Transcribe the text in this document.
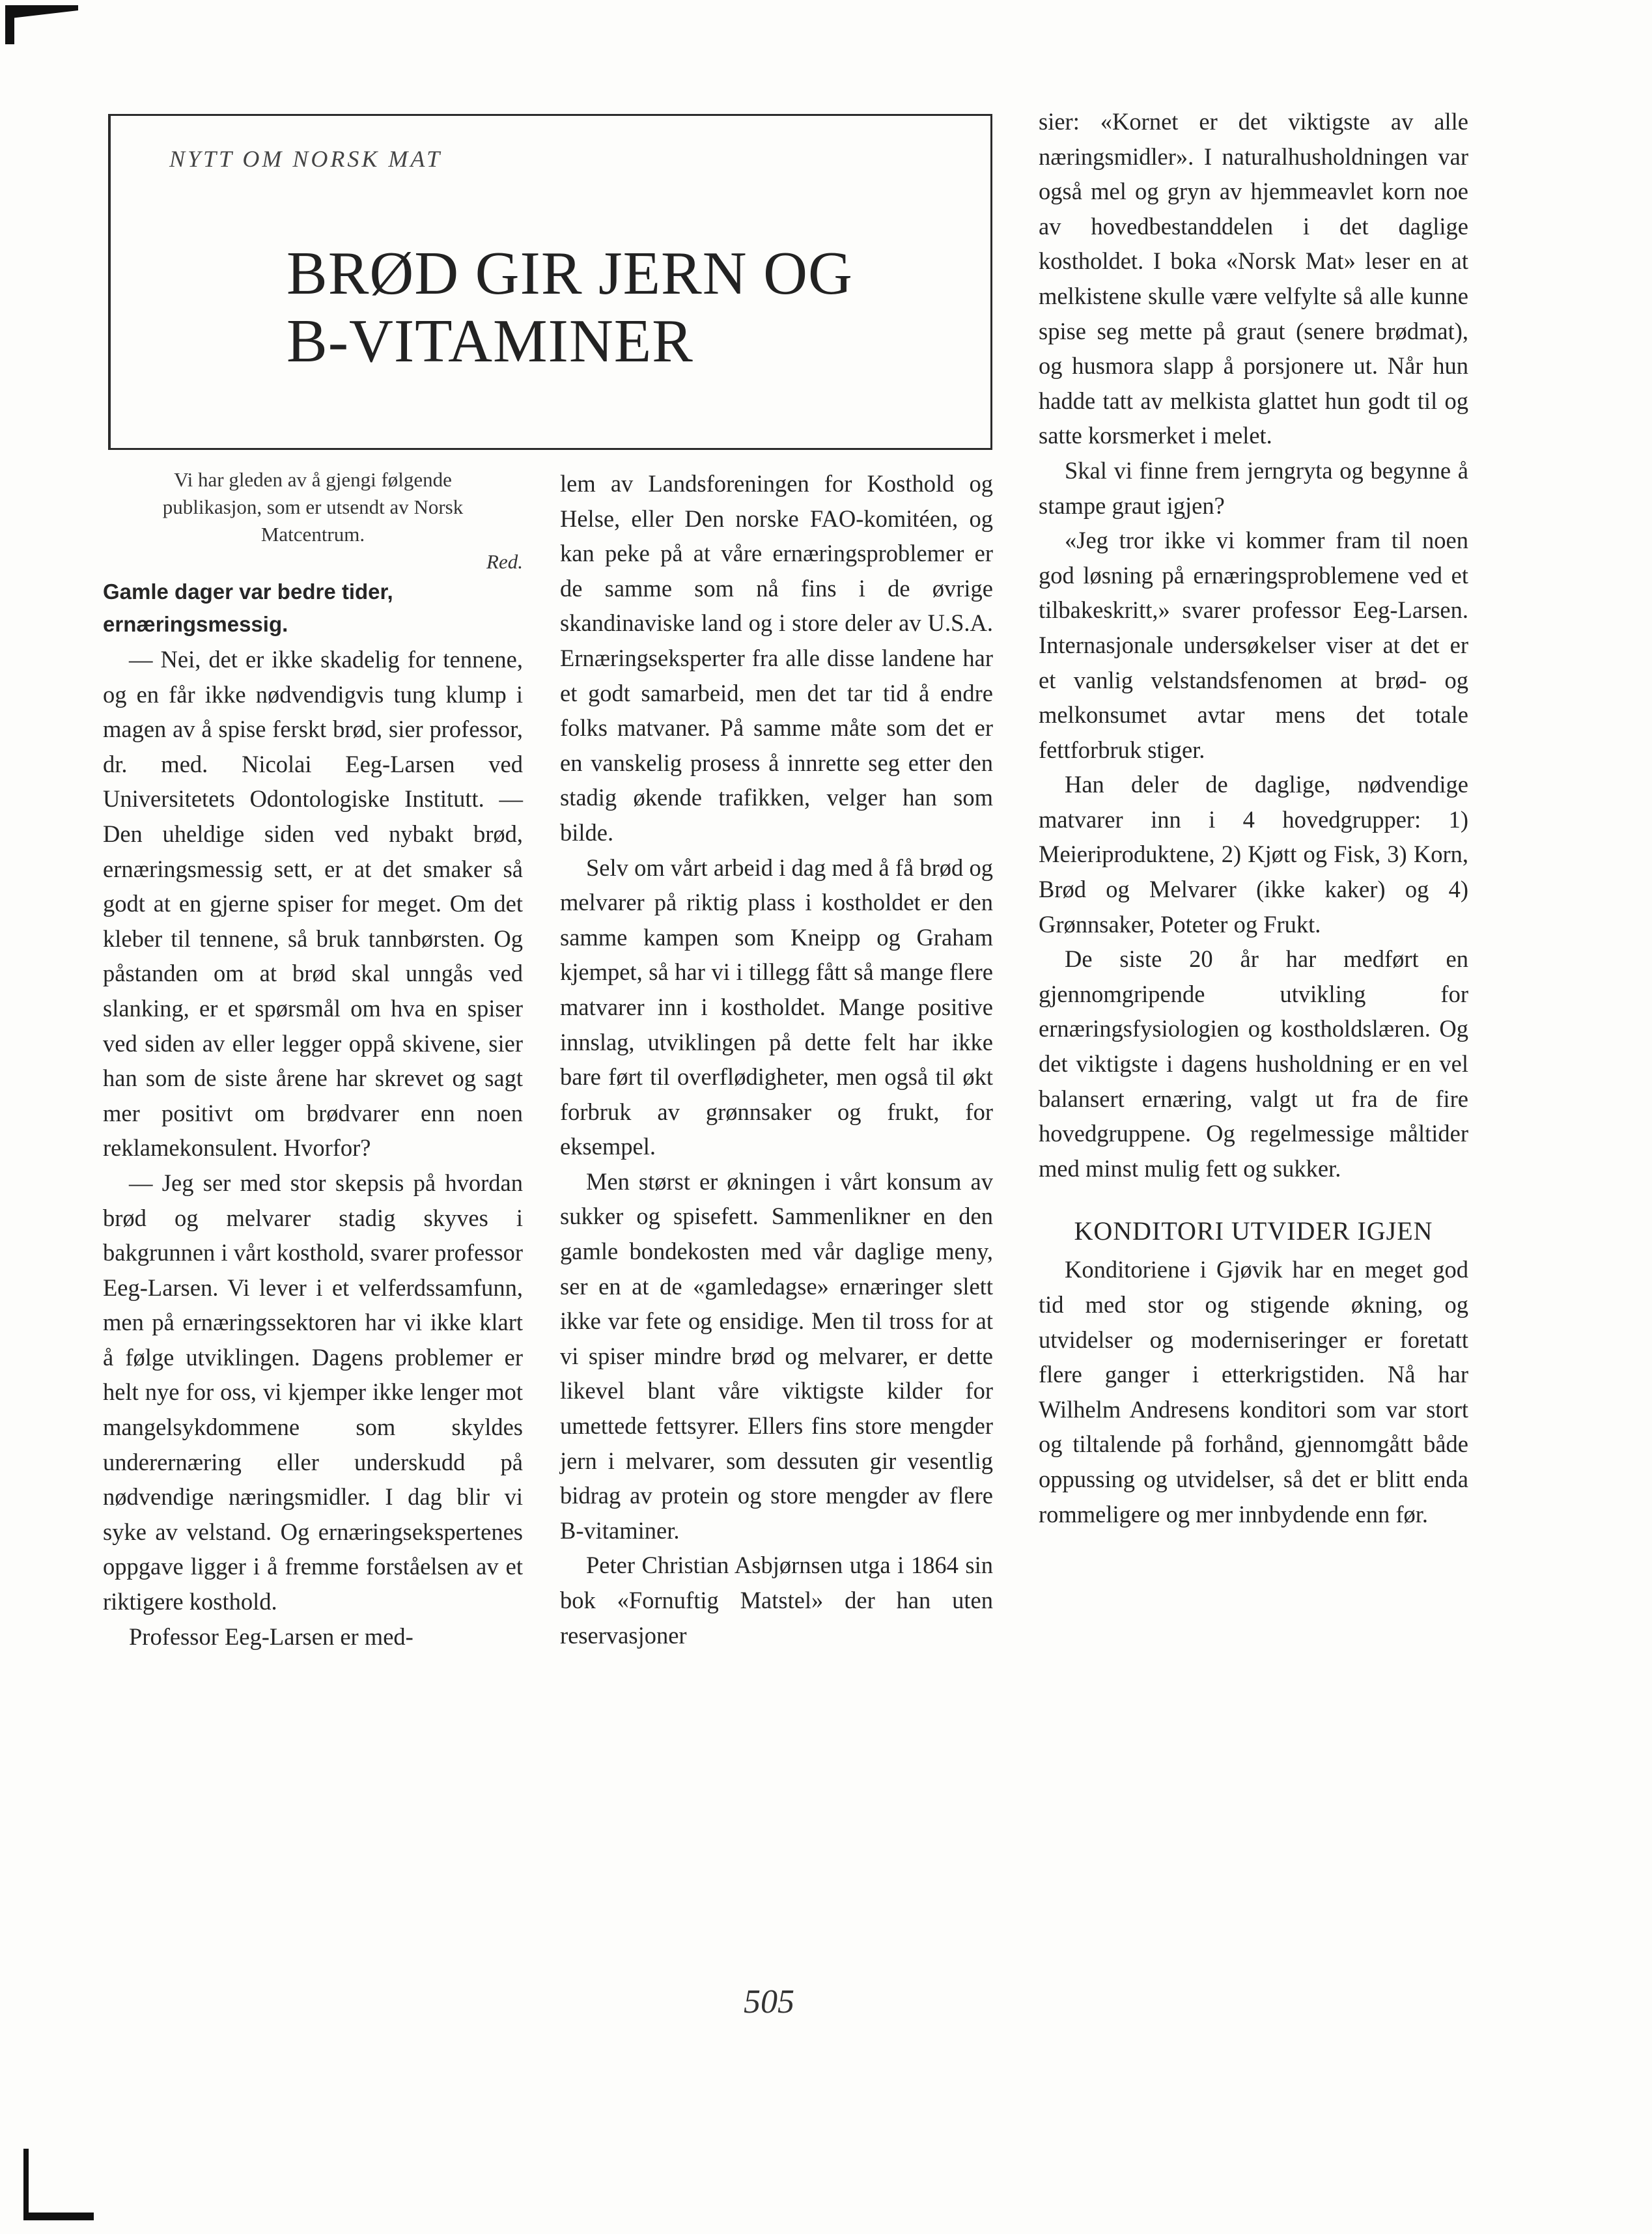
NYTT OM NORSK MAT
BRØD GIR JERN OG
B-VITAMINER

Vi har gleden av å gjengi følgende publikasjon, som er utsendt av Norsk Matcentrum.

Red.

Gamle dager var bedre tider, ernæringsmessig.

— Nei, det er ikke skadelig for tennene, og en får ikke nødvendigvis tung klump i magen av å spise ferskt brød, sier professor, dr. med. Nicolai Eeg-Larsen ved Universitetets Odontologiske Institutt. — Den uheldige siden ved nybakt brød, ernæringsmessig sett, er at det smaker så godt at en gjerne spiser for meget. Om det kleber til tennene, så bruk tannbørsten. Og påstanden om at brød skal unngås ved slanking, er et spørsmål om hva en spiser ved siden av eller legger oppå skivene, sier han som de siste årene har skrevet og sagt mer positivt om brødvarer enn noen reklamekonsulent. Hvorfor?

— Jeg ser med stor skepsis på hvordan brød og melvarer stadig skyves i bakgrunnen i vårt kosthold, svarer professor Eeg-Larsen. Vi lever i et velferdssamfunn, men på ernæringssektoren har vi ikke klart å følge utviklingen. Dagens problemer er helt nye for oss, vi kjemper ikke lenger mot mangelsykdommene som skyldes underernæring eller underskudd på nødvendige næringsmidler. I dag blir vi syke av velstand. Og ernæringsekspertenes oppgave ligger i å fremme forståelsen av et riktigere kosthold.

Professor Eeg-Larsen er med-

lem av Landsforeningen for Kosthold og Helse, eller Den norske FAO-komitéen, og kan peke på at våre ernæringsproblemer er de samme som nå fins i de øvrige skandinaviske land og i store deler av U.S.A. Ernæringseksperter fra alle disse landene har et godt samarbeid, men det tar tid å endre folks matvaner. På samme måte som det er en vanskelig prosess å innrette seg etter den stadig økende trafikken, velger han som bilde.

Selv om vårt arbeid i dag med å få brød og melvarer på riktig plass i kostholdet er den samme kampen som Kneipp og Graham kjempet, så har vi i tillegg fått så mange flere matvarer inn i kostholdet. Mange positive innslag, utviklingen på dette felt har ikke bare ført til overflødigheter, men også til økt forbruk av grønnsaker og frukt, for eksempel.

Men størst er økningen i vårt konsum av sukker og spisefett. Sammenlikner en den gamle bondekosten med vår daglige meny, ser en at de «gamledagse» ernæringer slett ikke var fete og ensidige. Men til tross for at vi spiser mindre brød og melvarer, er dette likevel blant våre viktigste kilder for umettede fettsyrer. Ellers fins store mengder jern i melvarer, som dessuten gir vesentlig bidrag av protein og store mengder av flere B-vitaminer.

Peter Christian Asbjørnsen utga i 1864 sin bok «Fornuftig Matstel» der han uten reservasjoner

sier: «Kornet er det viktigste av alle næringsmidler». I naturalhusholdningen var også mel og gryn av hjemmeavlet korn noe av hovedbestanddelen i det daglige kostholdet. I boka «Norsk Mat» leser en at melkistene skulle være velfylte så alle kunne spise seg mette på graut (senere brødmat), og husmora slapp å porsjonere ut. Når hun hadde tatt av melkista glattet hun godt til og satte korsmerket i melet.

Skal vi finne frem jerngryta og begynne å stampe graut igjen?

«Jeg tror ikke vi kommer fram til noen god løsning på ernæringsproblemene ved et tilbakeskritt,» svarer professor Eeg-Larsen. Internasjonale undersøkelser viser at det er et vanlig velstandsfenomen at brød- og melkonsumet avtar mens det totale fettforbruk stiger.

Han deler de daglige, nødvendige matvarer inn i 4 hovedgrupper: 1) Meieriproduktene, 2) Kjøtt og Fisk, 3) Korn, Brød og Melvarer (ikke kaker) og 4) Grønnsaker, Poteter og Frukt.

De siste 20 år har medført en gjennomgripende utvikling for ernæringsfysiologien og kostholdslæren. Og det viktigste i dagens husholdning er en vel balansert ernæring, valgt ut fra de fire hovedgruppene. Og regelmessige måltider med minst mulig fett og sukker.

KONDITORI UTVIDER IGJEN

Konditoriene i Gjøvik har en meget god tid med stor og stigende økning, og utvidelser og moderniseringer er foretatt flere ganger i etterkrigstiden. Nå har Wilhelm Andresens konditori som var stort og tiltalende på forhånd, gjennomgått både oppussing og utvidelser, så det er blitt enda rommeligere og mer innbydende enn før.

505
